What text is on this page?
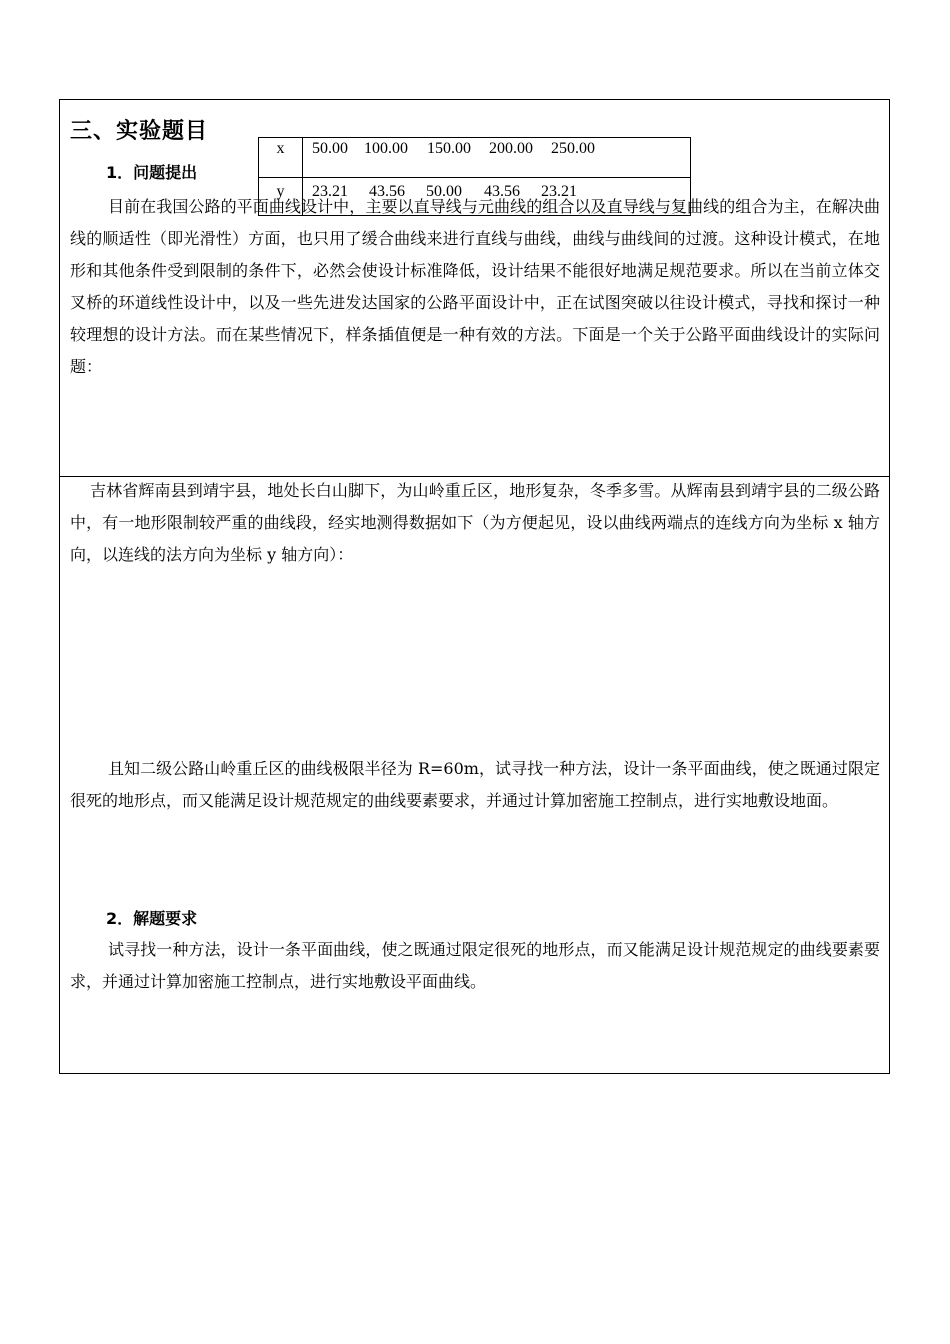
三、实验题目
1．问题提出

目前在我国公路的平面曲线设计中，主要以直导线与元曲线的组合以及直导线与复曲线的组合为主，在解决曲线的顺适性（即光滑性）方面，也只用了缓合曲线来进行直线与曲线，曲线与曲线间的过渡。这种设计模式，在地形和其他条件受到限制的条件下，必然会使设计标准降低，设计结果不能很好地满足规范要求。所以在当前立体交叉桥的环道线性设计中，以及一些先进发达国家的公路平面设计中，正在试图突破以往设计模式，寻找和探讨一种较理想的设计方法。而在某些情况下，样条插值便是一种有效的方法。下面是一个关于公路平面曲线设计的实际问题：

吉林省辉南县到靖宇县，地处长白山脚下，为山岭重丘区，地形复杂，冬季多雪。从辉南县到靖宇县的二级公路中，有一地形限制较严重的曲线段，经实地测得数据如下（为方便起见，设以曲线两端点的连线方向为坐标 x 轴方向，以连线的法方向为坐标 y 轴方向）：

且知二级公路山岭重丘区的曲线极限半径为 R=60m，试寻找一种方法，设计一条平面曲线，使之既通过限定很死的地形点，而又能满足设计规范规定的曲线要素要求，并通过计算加密施工控制点，进行实地敷设地面。

2．解题要求

试寻找一种方法，设计一条平面曲线，使之既通过限定很死的地形点，而又能满足设计规范规定的曲线要素要求，并通过计算加密施工控制点，进行实地敷设平面曲线。

x
y
50.00 100.00 150.00 200.00 250.00
23.21 43.56 50.00 43.56 23.21
